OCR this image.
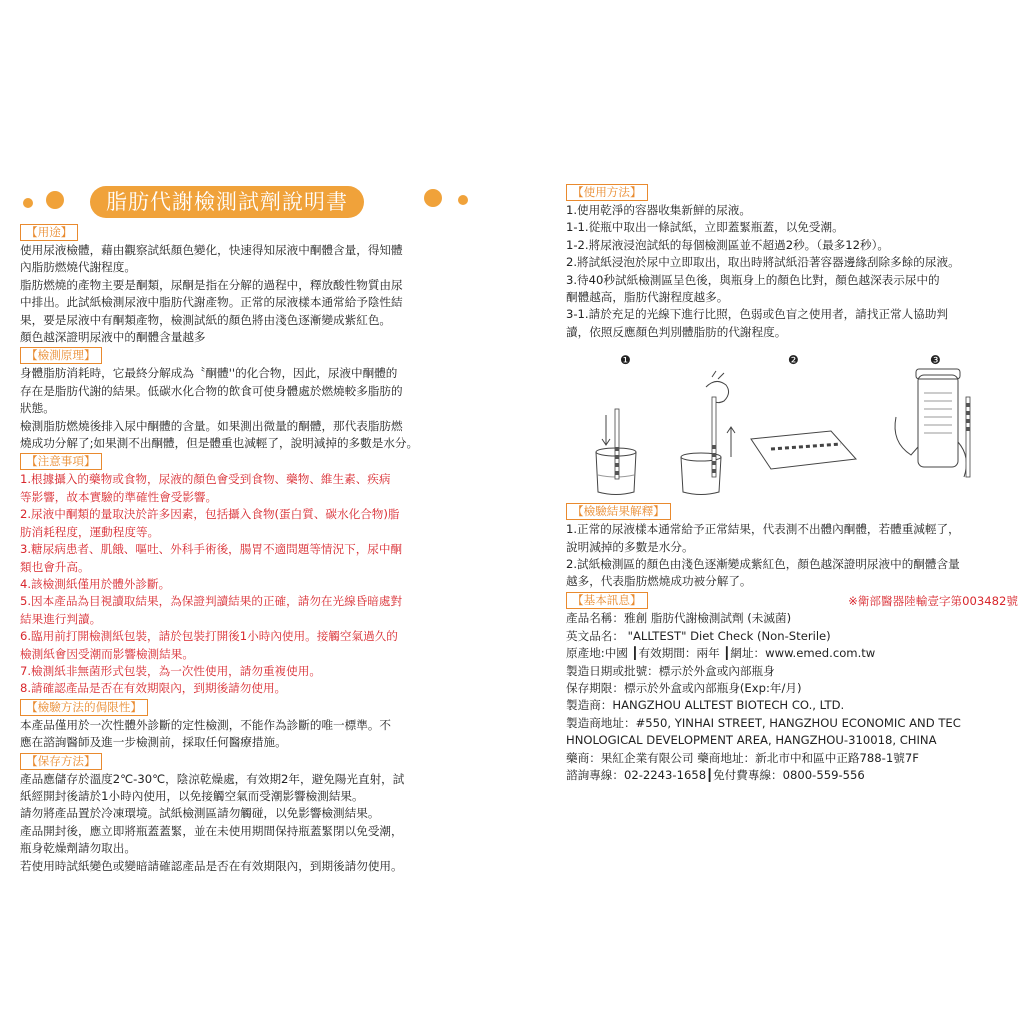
脂肪代謝檢測試劑說明書
【用途】
使用尿液檢體，藉由觀察試紙顏色變化，快速得知尿液中酮體含量，得知體
內脂肪燃燒代謝程度。
脂肪燃燒的產物主要是酮類，尿酮是指在分解的過程中，釋放酸性物質由尿
中排出。此試紙檢測尿液中脂肪代謝產物。正常的尿液樣本通常給予陰性結
果，要是尿液中有酮類產物，檢測試紙的顏色將由淺色逐漸變成紫紅色。
顏色越深證明尿液中的酮體含量越多
【檢測原理】
身體脂肪消耗時，它最終分解成為〝酮體''的化合物，因此，尿液中酮體的
存在是脂肪代謝的結果。低碳水化合物的飲食可使身體處於燃燒較多脂肪的
狀態。
檢測脂肪燃燒後排入尿中酮體的含量。如果測出微量的酮體，那代表脂肪燃
燒成功分解了;如果測不出酮體，但是體重也減輕了，說明減掉的多數是水分。
【注意事項】
1.根據攝入的藥物或食物，尿液的顏色會受到食物、藥物、維生素、疾病
等影響，故本實驗的準確性會受影響。
2.尿液中酮類的量取決於許多因素，包括攝入食物(蛋白質、碳水化合物)脂
肪消耗程度，運動程度等。
3.糖尿病患者、肌餓、嘔吐、外科手術後，腸胃不適問題等情況下，尿中酮
類也會升高。
4.該檢測紙僅用於體外診斷。
5.因本產品為目視讀取結果，為保證判讀結果的正確，請勿在光線昏暗處對
結果進行判讀。
6.臨用前打開檢測紙包裝，請於包裝打開後1小時內使用。接觸空氣過久的
檢測紙會因受潮而影響檢測結果。
7.檢測紙非無菌形式包裝，為一次性使用，請勿重複使用。
8.請確認產品是否在有效期限內，到期後請勿使用。
【檢驗方法的侷限性】
本產品僅用於一次性體外診斷的定性檢測，不能作為診斷的唯一標準。不
應在諮詢醫師及進一步檢測前，採取任何醫療措施。
【保存方法】
產品應儲存於溫度2℃-30℃，陰涼乾燥處，有效期2年，避免陽光直射，試
紙經開封後請於1小時內使用，以免接觸空氣而受潮影響檢測結果。
請勿將產品置於冷凍環境。試紙檢測區請勿觸碰，以免影響檢測結果。
產品開封後，應立即將瓶蓋蓋緊，並在未使用期間保持瓶蓋緊閉以免受潮，
瓶身乾燥劑請勿取出。
若使用時試紙變色或變暗請確認產品是否在有效期限內，到期後請勿使用。
【使用方法】
1.使用乾淨的容器收集新鮮的尿液。
1-1.從瓶中取出一條試紙，立即蓋緊瓶蓋，以免受潮。
1-2.將尿液浸泡試紙的每個檢測區並不超過2秒。（最多12秒）。
2.將試紙浸泡於尿中立即取出，取出時將試紙沿著容器邊緣刮除多餘的尿液。
3.待40秒試紙檢測區呈色後，與瓶身上的顏色比對，顏色越深表示尿中的
酮體越高，脂肪代謝程度越多。
3-1.請於充足的光線下進行比照，色弱或色盲之使用者，請找正常人協助判
讀，依照反應顏色判別體脂肪的代謝程度。
❶	❷	❸
【檢驗結果解釋】
1.正常的尿液樣本通常給予正常結果，代表測不出體內酮體，若體重減輕了，
說明減掉的多數是水分。
2.試紙檢測區的顏色由淺色逐漸變成紫紅色，顏色越深證明尿液中的酮體含量
越多，代表脂肪燃燒成功被分解了。
【基本訊息】	※衛部醫器陸輸壹字第003482號
產品名稱：雅創 脂肪代謝檢測試劑 (未滅菌)
英文品名： "ALLTEST" Diet Check (Non-Sterile)
原產地:中國 ┃有效期間：兩年 ┃網址：www.emed.com.tw
製造日期或批號：標示於外盒或內部瓶身
保存期限：標示於外盒或內部瓶身(Exp:年/月)
製造商：HANGZHOU ALLTEST BIOTECH CO., LTD.
製造商地址：#550, YINHAI STREET, HANGZHOU ECONOMIC AND TEC
HNOLOGICAL DEVELOPMENT AREA, HANGZHOU-310018, CHINA
藥商：果紅企業有限公司 藥商地址：新北市中和區中正路788-1號7F
諮詢專線：02-2243-1658┃免付費專線：0800-559-556
